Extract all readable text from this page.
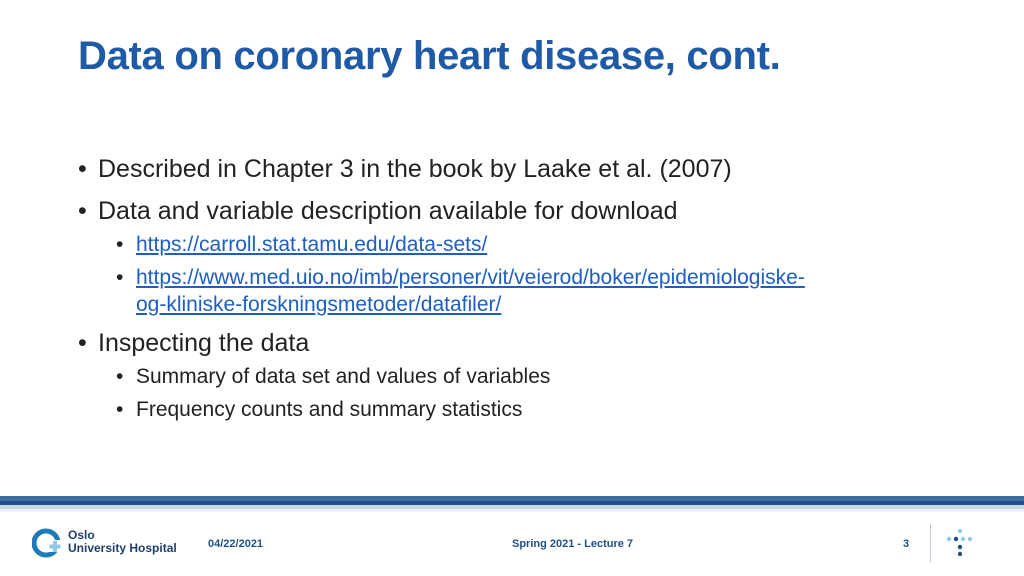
Data on coronary heart disease, cont.
• Described in Chapter 3 in the book by Laake et al. (2007)
• Data and variable description available for download
• https://carroll.stat.tamu.edu/data-sets/
• https://www.med.uio.no/imb/personer/vit/veierod/boker/epidemiologiske-
og-kliniske-forskningsmetoder/datafiler/
• Inspecting the data
• Summary of data set and values of variables
• Frequency counts and summary statistics
Oslo
University Hospital	04/22/2021	Spring 2021 - Lecture 7	3
